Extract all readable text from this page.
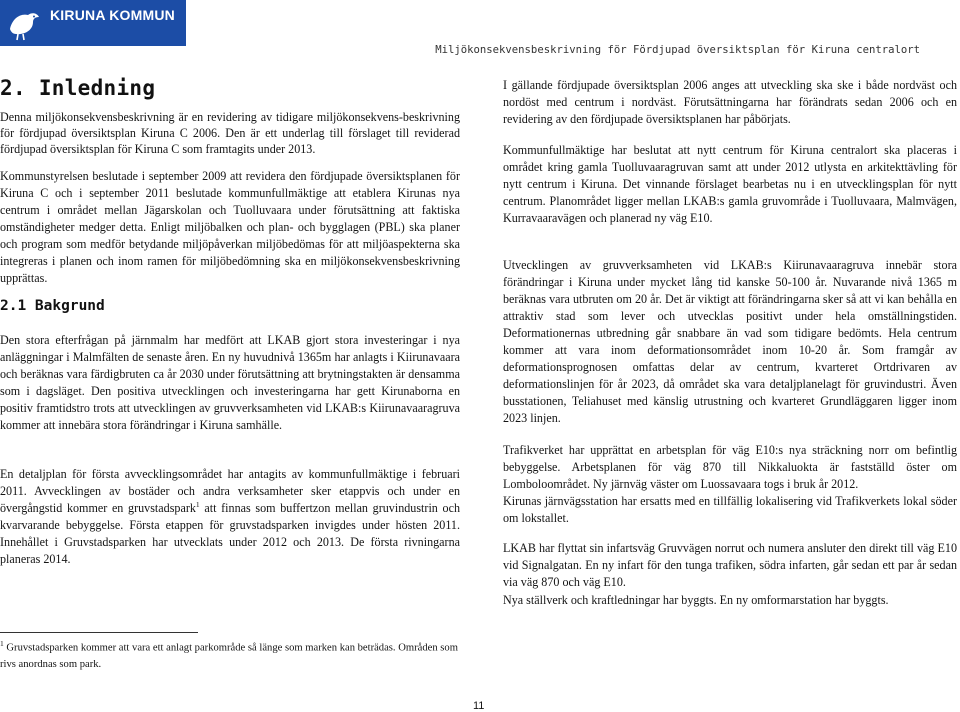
KIRUNA KOMMUN
Miljökonsekvensbeskrivning för Fördjupad översiktsplan för Kiruna centralort
2. Inledning

Denna miljökonsekvensbeskrivning är en revidering av tidigare miljökonsekvens-beskrivning för fördjupad översiktsplan Kiruna C 2006. Den är ett underlag till förslaget till reviderad fördjupad översiktsplan för Kiruna C som framtagits under 2013.

Kommunstyrelsen beslutade i september 2009 att revidera den fördjupade översiktsplanen för Kiruna C och i september 2011 beslutade kommunfullmäktige att etablera Kirunas nya centrum i området mellan Jägarskolan och Tuolluvaara under förutsättning att faktiska omständigheter medger detta. Enligt miljöbalken och plan- och bygglagen (PBL) ska planer och program som medför betydande miljöpåverkan miljöbedömas för att miljöaspekterna ska integreras i planen och inom ramen för miljöbedömning ska en miljökonsekvensbeskrivning upprättas.

2.1 Bakgrund

Den stora efterfrågan på järnmalm har medfört att LKAB gjort stora investeringar i nya anläggningar i Malmfälten de senaste åren. En ny huvudnivå 1365m har anlagts i Kiirunavaara och beräknas vara färdigbruten ca år 2030 under förutsättning att brytningstakten är densamma som i dagsläget. Den positiva utvecklingen och investeringarna har gett Kirunaborna en positiv framtidstro trots att utvecklingen av gruvverksamheten vid LKAB:s Kiirunavaaragruva kommer att innebära stora förändringar i Kiruna samhälle.

En detaljplan för första avvecklingsområdet har antagits av kommunfullmäktige i februari 2011. Avvecklingen av bostäder och andra verksamheter sker etappvis och under en övergångstid kommer en gruvstadspark$^1$ att finnas som buffertzon mellan gruvindustrin och kvarvarande bebyggelse. Första etappen för gruvstadsparken invigdes under hösten 2011. Innehållet i Gruvstadsparken har utvecklats under 2012 och 2013. De första rivningarna planeras 2014.

I gällande fördjupade översiktsplan 2006 anges att utveckling ska ske i både nordväst och nordöst med centrum i nordväst. Förutsättningarna har förändrats sedan 2006 och en revidering av den fördjupade översiktsplanen har påbörjats.

Kommunfullmäktige har beslutat att nytt centrum för Kiruna centralort ska placeras i området kring gamla Tuolluvaaragruvan samt att under 2012 utlysta en arkitekttävling för nytt centrum i Kiruna. Det vinnande förslaget bearbetas nu i en utvecklingsplan för nytt centrum. Planområdet ligger mellan LKAB:s gamla gruvområde i Tuolluvaara, Malmvägen, Kurravaaravägen och planerad ny väg E10.

Utvecklingen av gruvverksamheten vid LKAB:s Kiirunavaaragruva innebär stora förändringar i Kiruna under mycket lång tid kanske 50-100 år. Nuvarande nivå 1365 m beräknas vara utbruten om 20 år. Det är viktigt att förändringarna sker så att vi kan behålla en attraktiv stad som lever och utvecklas positivt under hela omställningstiden. Deformationernas utbredning går snabbare än vad som tidigare bedömts. Hela centrum kommer att vara inom deformationsområdet inom 10-20 år. Som framgår av deformationsprognosen omfattas delar av centrum, kvarteret Ortdrivaren av deformationslinjen för år 2023, då området ska vara detaljplanelagt för gruvindustri. Även busstationen, Teliahuset med känslig utrustning och kvarteret Grundläggaren ligger inom 2023 linjen.

Trafikverket har upprättat en arbetsplan för väg E10:s nya sträckning norr om befintlig bebyggelse. Arbetsplanen för väg 870 till Nikkaluokta är fastställd öster om Lomboloområdet. Ny järnväg väster om Luossavaara togs i bruk år 2012.

Kirunas järnvägsstation har ersatts med en tillfällig lokalisering vid Trafikverkets lokal söder om lokstallet.

LKAB har flyttat sin infartsväg Gruvvägen norrut och numera ansluter den direkt till väg E10 vid Signalgatan. En ny infart för den tunga trafiken, södra infarten, går sedan ett par år sedan via väg 870 och väg E10.

Nya ställverk och kraftledningar har byggts. En ny omformarstation har byggts.

$^1$ Gruvstadsparken kommer att vara ett anlagt parkområde så länge som marken kan beträdas. Områden som rivs anordnas som park.

11
